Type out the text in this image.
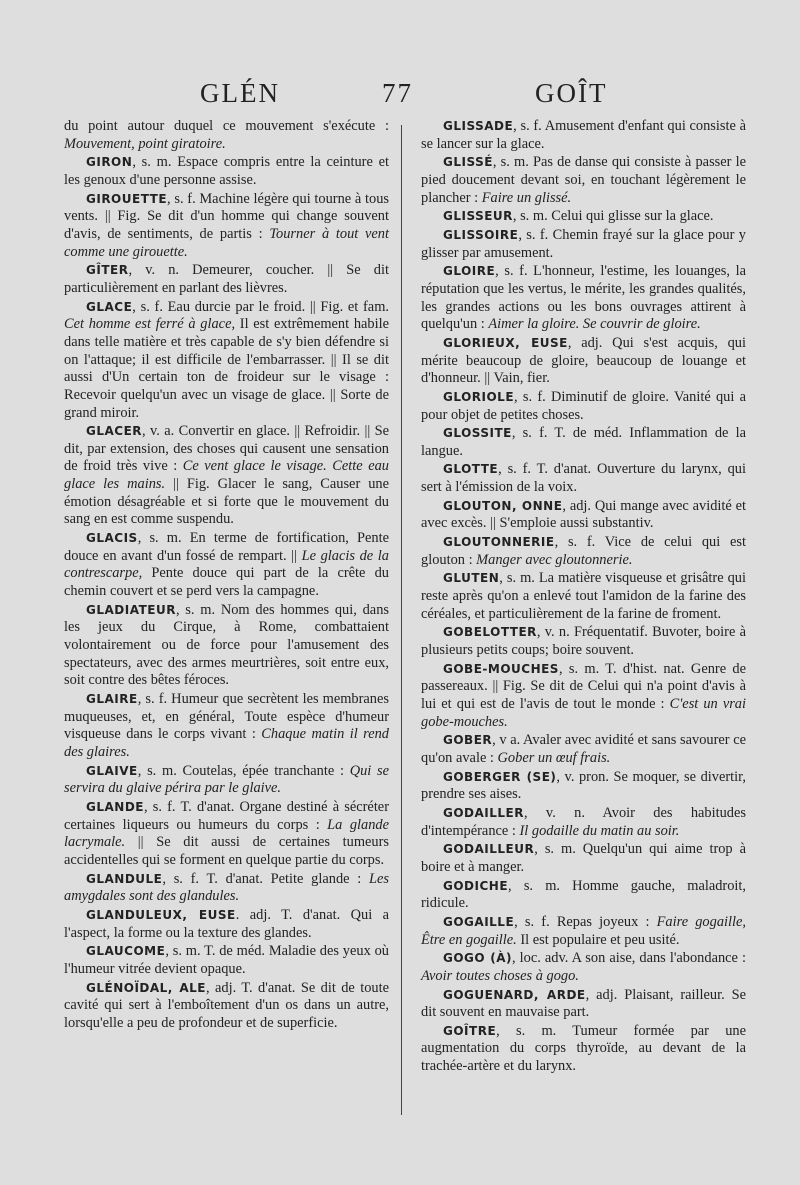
GLÉN	77	GOÎT

du point autour duquel ce mouvement s'exécute : Mouvement, point giratoire.

GIRON, s. m. Espace compris entre la ceinture et les genoux d'une personne assise.

GIROUETTE, s. f. Machine légère qui tourne à tous vents. || Fig. Se dit d'un homme qui change souvent d'avis, de sentiments, de partis : Tourner à tout vent comme une girouette.

GÎTER, v. n. Demeurer, coucher. || Se dit particulièrement en parlant des lièvres.

GLACE, s. f. Eau durcie par le froid. || Fig. et fam. Cet homme est ferré à glace, Il est extrêmement habile dans telle matière et très capable de s'y bien défendre si on l'attaque; il est difficile de l'embarrasser. || Il se dit aussi d'Un certain ton de froideur sur le visage : Recevoir quelqu'un avec un visage de glace. || Sorte de grand miroir.

GLACER, v. a. Convertir en glace. || Refroidir. || Se dit, par extension, des choses qui causent une sensation de froid très vive : Ce vent glace le visage. Cette eau glace les mains. || Fig. Glacer le sang, Causer une émotion désagréable et si forte que le mouvement du sang en est comme suspendu.

GLACIS, s. m. En terme de fortification, Pente douce en avant d'un fossé de rempart. || Le glacis de la contrescarpe, Pente douce qui part de la crête du chemin couvert et se perd vers la campagne.

GLADIATEUR, s. m. Nom des hommes qui, dans les jeux du Cirque, à Rome, combattaient volontairement ou de force pour l'amusement des spectateurs, avec des armes meurtrières, soit entre eux, soit contre des bêtes féroces.

GLAIRE, s. f. Humeur que secrètent les membranes muqueuses, et, en général, Toute espèce d'humeur visqueuse dans le corps vivant : Chaque matin il rend des glaires.

GLAIVE, s. m. Coutelas, épée tranchante : Qui se servira du glaive périra par le glaive.

GLANDE, s. f. T. d'anat. Organe destiné à sécréter certaines liqueurs ou humeurs du corps : La glande lacrymale. || Se dit aussi de certaines tumeurs accidentelles qui se forment en quelque partie du corps.

GLANDULE, s. f. T. d'anat. Petite glande : Les amygdales sont des glandules.

GLANDULEUX, EUSE. adj. T. d'anat. Qui a l'aspect, la forme ou la texture des glandes.

GLAUCOME, s. m. T. de méd. Maladie des yeux où l'humeur vitrée devient opaque.

GLÉNOÏDAL, ALE, adj. T. d'anat. Se dit de toute cavité qui sert à l'emboîtement d'un os dans un autre, lorsqu'elle a peu de profondeur et de superficie.

GLISSADE, s. f. Amusement d'enfant qui consiste à se lancer sur la glace.

GLISSÉ, s. m. Pas de danse qui consiste à passer le pied doucement devant soi, en touchant légèrement le plancher : Faire un glissé.

GLISSEUR, s. m. Celui qui glisse sur la glace.

GLISSOIRE, s. f. Chemin frayé sur la glace pour y glisser par amusement.

GLOIRE, s. f. L'honneur, l'estime, les louanges, la réputation que les vertus, le mérite, les grandes qualités, les grandes actions ou les bons ouvrages attirent à quelqu'un : Aimer la gloire. Se couvrir de gloire.

GLORIEUX, EUSE, adj. Qui s'est acquis, qui mérite beaucoup de gloire, beaucoup de louange et d'honneur. || Vain, fier.

GLORIOLE, s. f. Diminutif de gloire. Vanité qui a pour objet de petites choses.

GLOSSITE, s. f. T. de méd. Inflammation de la langue.

GLOTTE, s. f. T. d'anat. Ouverture du larynx, qui sert à l'émission de la voix.

GLOUTON, ONNE, adj. Qui mange avec avidité et avec excès. || S'emploie aussi substantiv.

GLOUTONNERIE, s. f. Vice de celui qui est glouton : Manger avec gloutonnerie.

GLUTEN, s. m. La matière visqueuse et grisâtre qui reste après qu'on a enlevé tout l'amidon de la farine des céréales, et particulièrement de la farine de froment.

GOBELOTTER, v. n. Fréquentatif. Buvoter, boire à plusieurs petits coups; boire souvent.

GOBE-MOUCHES, s. m. T. d'hist. nat. Genre de passereaux. || Fig. Se dit de Celui qui n'a point d'avis à lui et qui est de l'avis de tout le monde : C'est un vrai gobe-mouches.

GOBER, v a. Avaler avec avidité et sans savourer ce qu'on avale : Gober un œuf frais.

GOBERGER (SE), v. pron. Se moquer, se divertir, prendre ses aises.

GODAILLER, v. n. Avoir des habitudes d'intempérance : Il godaille du matin au soir.

GODAILLEUR, s. m. Quelqu'un qui aime trop à boire et à manger.

GODICHE, s. m. Homme gauche, maladroit, ridicule.

GOGAILLE, s. f. Repas joyeux : Faire gogaille, Être en gogaille. Il est populaire et peu usité.

GOGO (À), loc. adv. A son aise, dans l'abondance : Avoir toutes choses à gogo.

GOGUENARD, ARDE, adj. Plaisant, railleur. Se dit souvent en mauvaise part.

GOÎTRE, s. m. Tumeur formée par une augmentation du corps thyroïde, au devant de la trachée-artère et du larynx.
